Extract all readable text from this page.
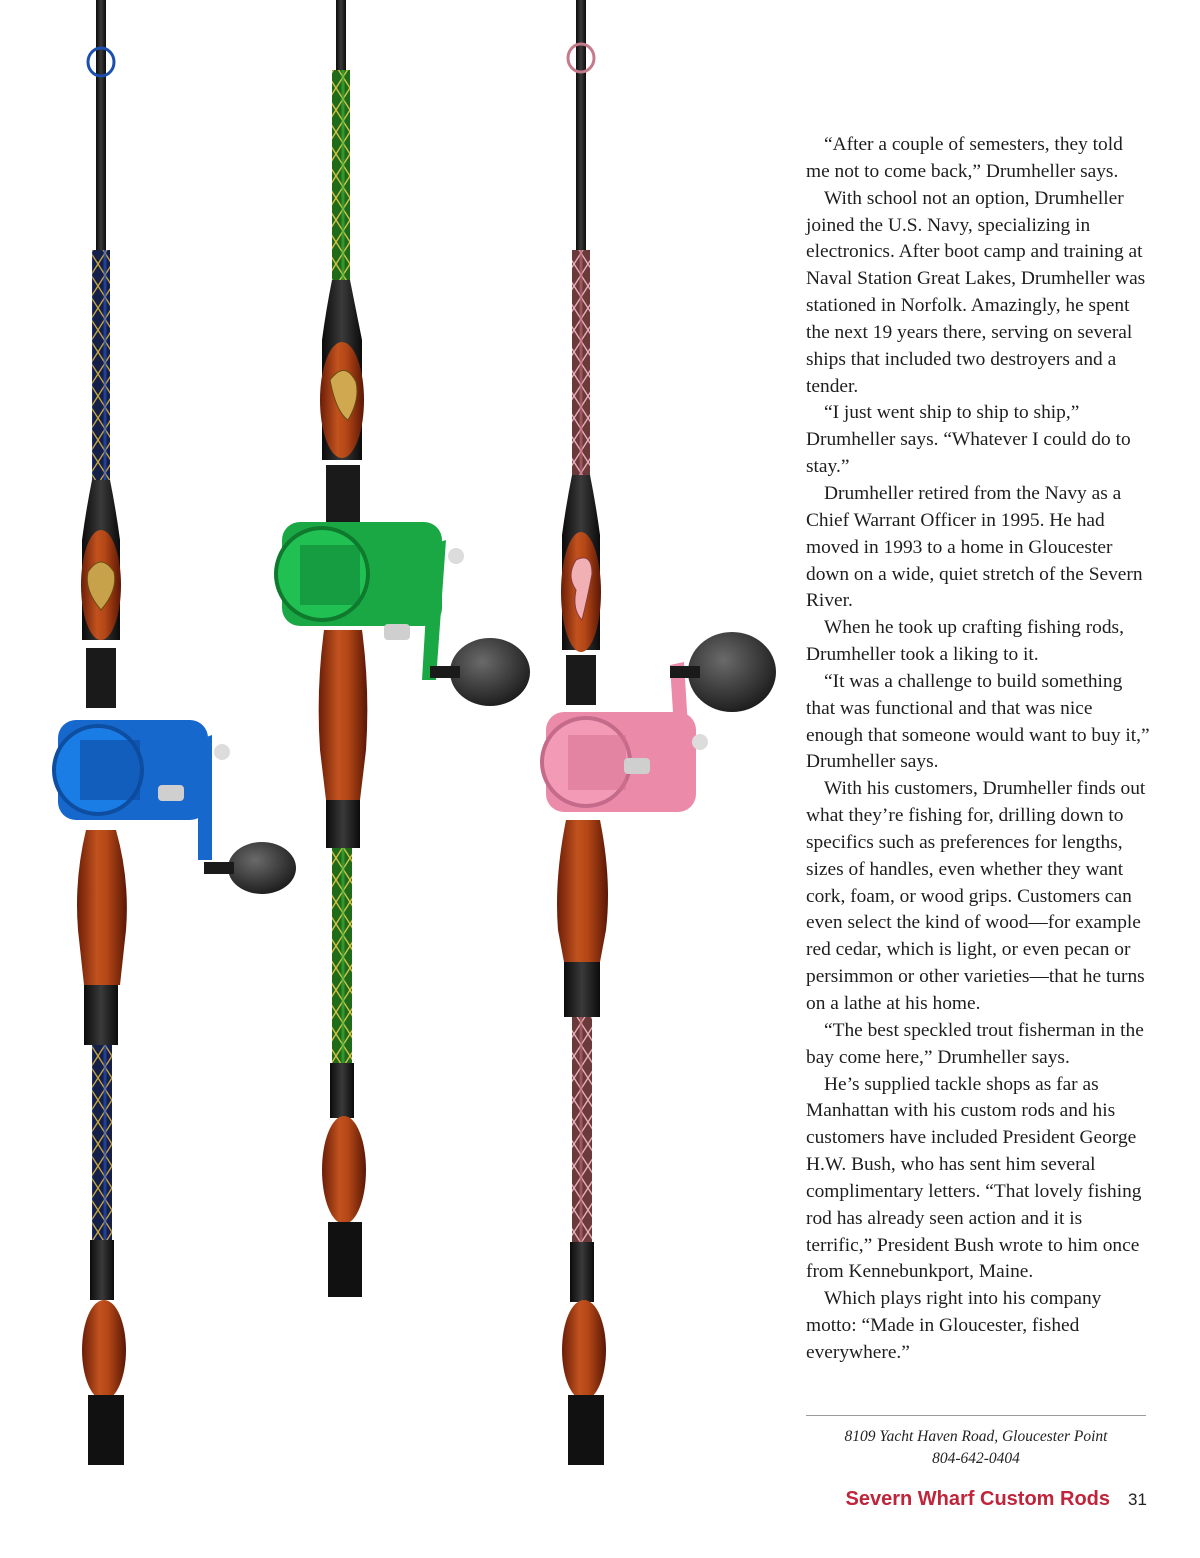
“After a couple of semesters, they told me not to come back,” Drumheller says.

With school not an option, Drumheller joined the U.S. Navy, specializing in electronics. After boot camp and training at Naval Station Great Lakes, Drumheller was stationed in Norfolk. Amazingly, he spent the next 19 years there, serving on several ships that included two destroyers and a tender.

“I just went ship to ship to ship,” Drumheller says. “Whatever I could do to stay.”

Drumheller retired from the Navy as a Chief Warrant Officer in 1995. He had moved in 1993 to a home in Gloucester down on a wide, quiet stretch of the Severn River.

When he took up crafting fishing rods, Drumheller took a liking to it.

“It was a challenge to build something that was functional and that was nice enough that someone would want to buy it,” Drumheller says.

With his customers, Drumheller finds out what they’re fishing for, drilling down to specifics such as preferences for lengths, sizes of handles, even whether they want cork, foam, or wood grips. Customers can even select the kind of wood—for example red cedar, which is light, or even pecan or persimmon or other varieties—that he turns on a lathe at his home.

“The best speckled trout fisherman in the bay come here,” Drumheller says.

He’s supplied tackle shops as far as Manhattan with his custom rods and his customers have included President George H.W. Bush, who has sent him several complimentary letters. “That lovely fishing rod has already seen action and it is terrific,” President Bush wrote to him once from Kennebunkport, Maine.

Which plays right into his company motto: “Made in Gloucester, fished everywhere.”

8109 Yacht Haven Road, Gloucester Point
804-642-0404
Severn Wharf Custom Rods 31
